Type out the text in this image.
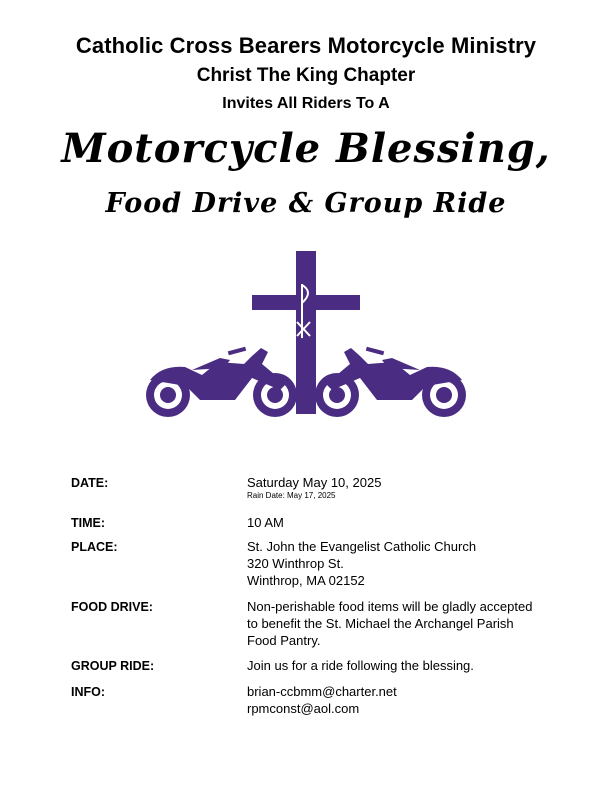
Catholic Cross Bearers Motorcycle Ministry
Christ The King Chapter
Invites All Riders To A
Motorcycle Blessing,
Food Drive & Group Ride
DATE:	Saturday May 10, 2025
Rain Date: May 17, 2025
TIME:	10 AM
PLACE:	St. John the Evangelist Catholic Church
320 Winthrop St.
Winthrop, MA 02152
FOOD DRIVE:	Non-perishable food items will be gladly accepted
to benefit the St. Michael the Archangel Parish
Food Pantry.
GROUP RIDE:	Join us for a ride following the blessing.
INFO:	brian-ccbmm@charter.net
rpmconst@aol.com
